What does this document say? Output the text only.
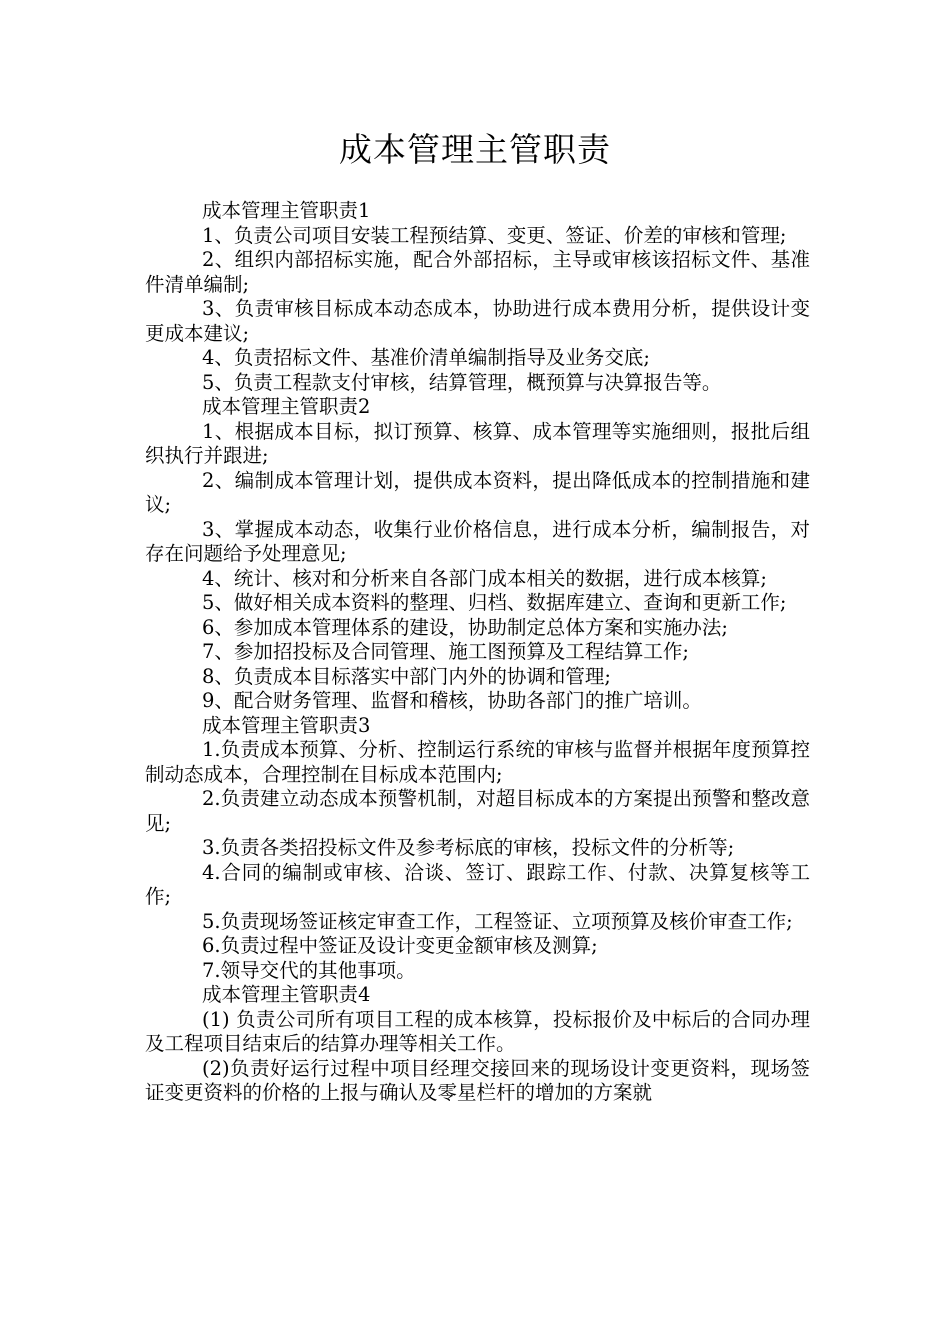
成本管理主管职责

成本管理主管职责1

1、负责公司项目安装工程预结算、变更、签证、价差的审核和管理;

2、组织内部招标实施，配合外部招标，主导或审核该招标文件、基准件清单编制;

3、负责审核目标成本动态成本，协助进行成本费用分析，提供设计变更成本建议;

4、负责招标文件、基准价清单编制指导及业务交底;

5、负责工程款支付审核，结算管理，概预算与决算报告等。

成本管理主管职责2

1、根据成本目标，拟订预算、核算、成本管理等实施细则，报批后组织执行并跟进;

2、编制成本管理计划，提供成本资料，提出降低成本的控制措施和建议;

3、掌握成本动态，收集行业价格信息，进行成本分析，编制报告，对存在问题给予处理意见;

4、统计、核对和分析来自各部门成本相关的数据，进行成本核算;

5、做好相关成本资料的整理、归档、数据库建立、查询和更新工作;

6、参加成本管理体系的建设，协助制定总体方案和实施办法;

7、参加招投标及合同管理、施工图预算及工程结算工作;

8、负责成本目标落实中部门内外的协调和管理;

9、配合财务管理、监督和稽核，协助各部门的推广培训。

成本管理主管职责3

1.负责成本预算、分析、控制运行系统的审核与监督并根据年度预算控制动态成本，合理控制在目标成本范围内;

2.负责建立动态成本预警机制，对超目标成本的方案提出预警和整改意见;

3.负责各类招投标文件及参考标底的审核，投标文件的分析等;

4.合同的编制或审核、洽谈、签订、跟踪工作、付款、决算复核等工作;

5.负责现场签证核定审查工作，工程签证、立项预算及核价审查工作;

6.负责过程中签证及设计变更金额审核及测算;

7.领导交代的其他事项。

成本管理主管职责4

(1) 负责公司所有项目工程的成本核算，投标报价及中标后的合同办理及工程项目结束后的结算办理等相关工作。

(2)负责好运行过程中项目经理交接回来的现场设计变更资料，现场签证变更资料的价格的上报与确认及零星栏杆的增加的方案就
